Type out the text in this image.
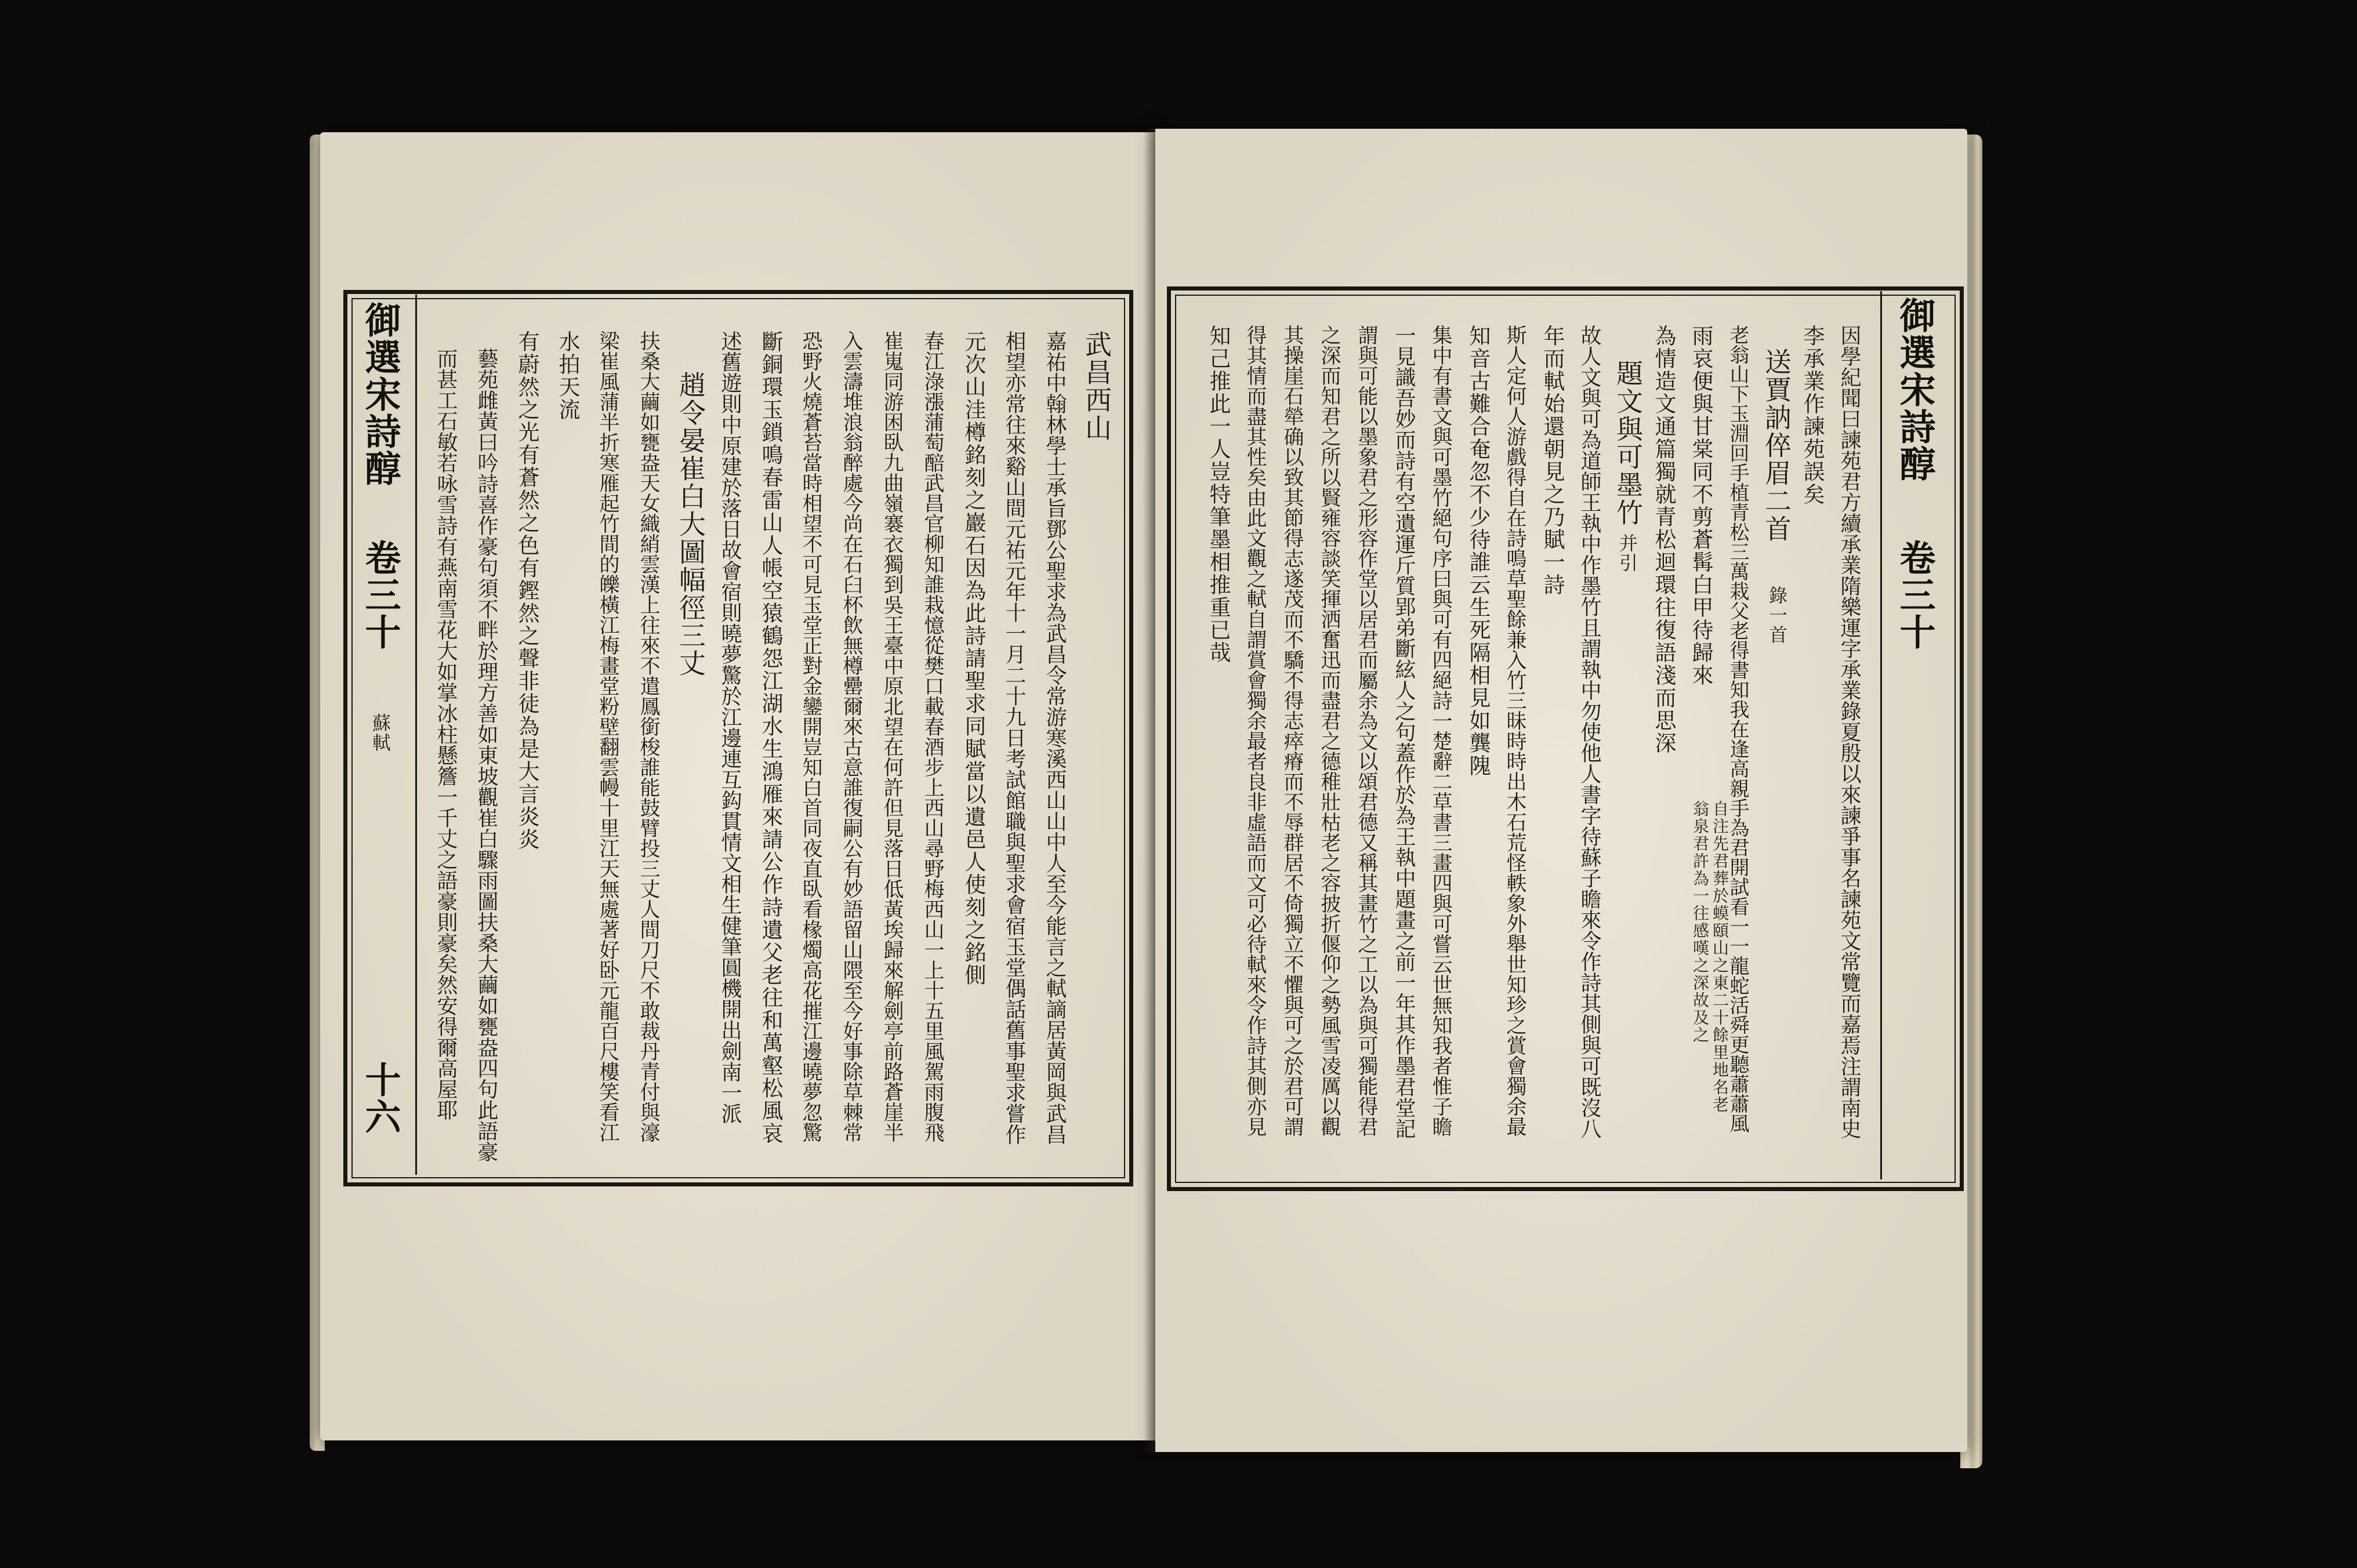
御選宋詩醇
卷三十
蘇軾
十六
武昌西山
嘉祐中翰林學士承旨鄧公聖求為武昌令常游寒溪西山山中人至今能言之軾謫居黃岡與武昌
相望亦常往來谿山間元祐元年十一月二十九日考試館職與聖求會宿玉堂偶話舊事聖求嘗作
元次山洼樽銘刻之巖石因為此詩請聖求同賦當以遺邑人使刻之銘側
春江淥漲蒲萄醅武昌官柳知誰栽憶從樊口載春酒步上西山尋野梅西山一上十五里風駕雨腹飛
崔嵬同游困臥九曲嶺褰衣獨到吳王臺中原北望在何許但見落日低黃埃歸來解劍亭前路蒼崖半
入雲濤堆浪翁醉處今尚在石臼杯飲無樽罍爾來古意誰復嗣公有妙語留山隈至今好事除草棘常
恐野火燒蒼苔當時相望不可見玉堂正對金鑾開豈知白首同夜直臥看椽燭高花摧江邊曉夢忽驚
斷銅環玉鎖鳴春雷山人帳空猿鶴怨江湖水生鴻雁來請公作詩遺父老往和萬壑松風哀
述舊遊則中原建於落日故會宿則曉夢驚於江邊連互鈎貫情文相生健筆圓機開出劍南一派
趙令晏崔白大圖幅徑三丈
扶桑大繭如甕盎天女織綃雲漢上往來不遣鳳銜梭誰能鼓臂投三丈人間刀尺不敢裁丹青付與濠
梁崔風蒲半折寒雁起竹間的皪橫江梅畫堂粉壁翻雲幔十里江天無處著好卧元龍百尺樓笑看江
水拍天流
有蔚然之光有蒼然之色有鏗然之聲非徒為是大言炎炎
藝苑雌黃曰吟詩喜作豪句須不畔於理方善如東坡觀崔白驟雨圖扶桑大繭如甕盎四句此語豪
而甚工石敏若咏雪詩有燕南雪花大如掌冰柱懸簷一千丈之語豪則豪矣然安得爾高屋耶	御選宋詩醇
卷三十
因學紀聞曰諫苑君方續承業隋樂運字承業錄夏殷以來諫爭事名諫苑文常覽而嘉焉注謂南史
李承業作諫苑誤矣
送賈訥倅眉二首
錄一首
老翁山下玉淵回手植青松三萬栽父老得書知我在逢高親手為君開試看一一龍蛇活舜更聽蕭蕭風
雨哀便與甘棠同不剪蒼髯白甲待歸來
自注先君葬於蟆頤山之東二十餘里地名老翁泉君許為一往感嘆之深故及之
為情造文通篇獨就青松迴環往復語淺而思深
題文與可墨竹
并引
故人文與可為道師王執中作墨竹且謂執中勿使他人書字待蘇子瞻來令作詩其側與可既沒八
年而軾始還朝見之乃賦一詩
斯人定何人游戲得自在詩鳴草聖餘兼入竹三昧時時出木石荒怪軼象外舉世知珍之賞會獨余最
知音古難合奄忽不少待誰云生死隔相見如龔隗
集中有書文與可墨竹絕句序曰與可有四絕詩一楚辭二草書三畫四與可嘗云世無知我者惟子瞻
一見識吾妙而詩有空遺運斤質郢弟斷絃人之句蓋作於為王執中題畫之前一年其作墨君堂記
謂與可能以墨象君之形容作堂以居君而屬余為文以頌君德又稱其畫竹之工以為與可獨能得君
之深而知君之所以賢雍容談笑揮洒奮迅而盡君之德稚壯枯老之容披折偃仰之勢風雪凌厲以觀
其操崖石犖确以致其節得志遂茂而不驕不得志瘁瘠而不辱群居不倚獨立不懼與可之於君可謂
得其情而盡其性矣由此文觀之軾自謂賞會獨余最者良非虛語而文可必待軾來令作詩其側亦見
知己推此一人豈特筆墨相推重已哉
